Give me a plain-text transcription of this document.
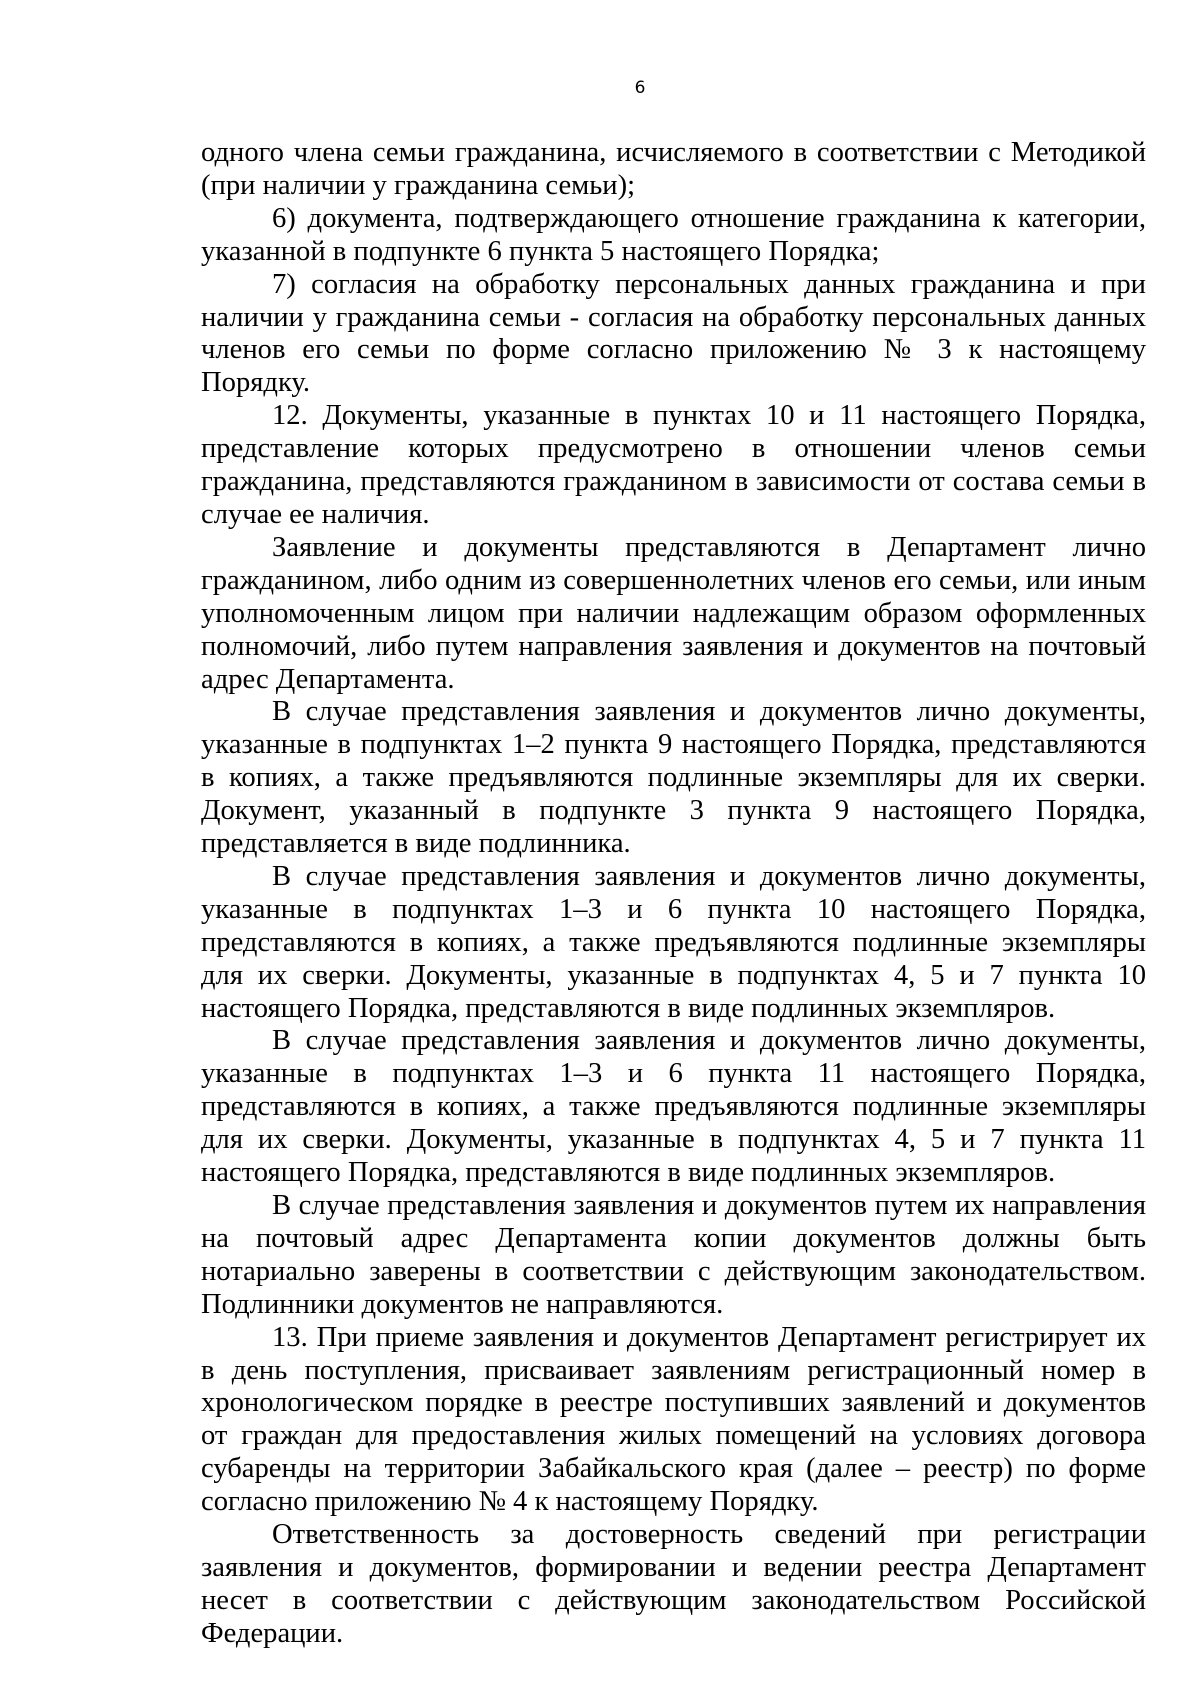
6

одного члена семьи гражданина, исчисляемого в соответствии с Методикой (при наличии у гражданина семьи);

6) документа, подтверждающего отношение гражданина к категории, указанной в подпункте 6 пункта 5 настоящего Порядка;

7) согласия на обработку персональных данных гражданина и при наличии у гражданина семьи - согласия на обработку персональных данных членов его семьи по форме согласно приложению № 3 к настоящему Порядку.

12. Документы, указанные в пунктах 10 и 11 настоящего Порядка, представление которых предусмотрено в отношении членов семьи гражданина, представляются гражданином в зависимости от состава семьи в случае ее наличия.

Заявление и документы представляются в Департамент лично гражданином, либо одним из совершеннолетних членов его семьи, или иным уполномоченным лицом при наличии надлежащим образом оформленных полномочий, либо путем направления заявления и документов на почтовый адрес Департамента.

В случае представления заявления и документов лично документы, указанные в подпунктах 1–2 пункта 9 настоящего Порядка, представляются в копиях, а также предъявляются подлинные экземпляры для их сверки. Документ, указанный в подпункте 3 пункта 9 настоящего Порядка, представляется в виде подлинника.

В случае представления заявления и документов лично документы, указанные в подпунктах 1–3 и 6 пункта 10 настоящего Порядка, представляются в копиях, а также предъявляются подлинные экземпляры для их сверки. Документы, указанные в подпунктах 4, 5 и 7 пункта 10 настоящего Порядка, представляются в виде подлинных экземпляров.

В случае представления заявления и документов лично документы, указанные в подпунктах 1–3 и 6 пункта 11 настоящего Порядка, представляются в копиях, а также предъявляются подлинные экземпляры для их сверки. Документы, указанные в подпунктах 4, 5 и 7 пункта 11 настоящего Порядка, представляются в виде подлинных экземпляров.

В случае представления заявления и документов путем их направления на почтовый адрес Департамента копии документов должны быть нотариально заверены в соответствии с действующим законодательством. Подлинники документов не направляются.

13. При приеме заявления и документов Департамент регистрирует их в день поступления, присваивает заявлениям регистрационный номер в хронологическом порядке в реестре поступивших заявлений и документов от граждан для предоставления жилых помещений на условиях договора субаренды на территории Забайкальского края (далее – реестр) по форме согласно приложению № 4 к настоящему Порядку.

Ответственность за достоверность сведений при регистрации заявления и документов, формировании и ведении реестра Департамент несет в соответствии с действующим законодательством Российской Федерации.
